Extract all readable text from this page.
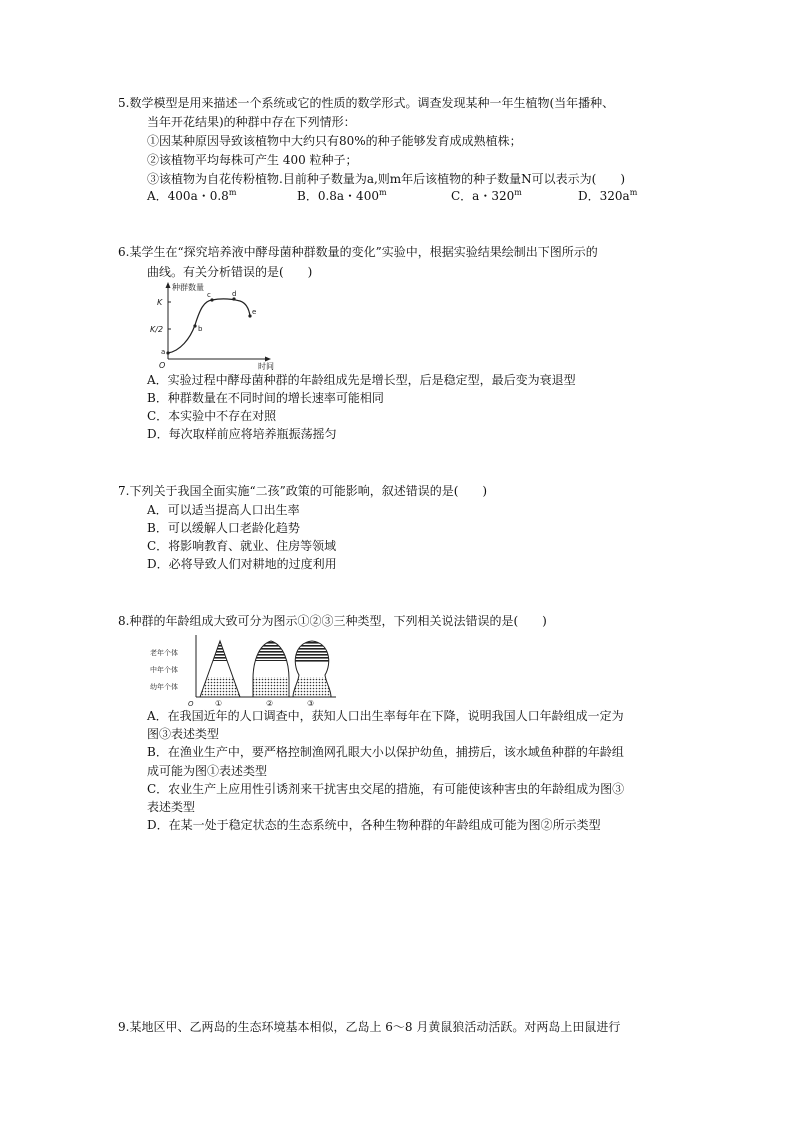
5.数学模型是用来描述一个系统或它的性质的数学形式。调查发现某种一年生植物(当年播种、
当年开花结果)的种群中存在下列情形：
①因某种原因导致该植物中大约只有80%的种子能够发育成成熟植株；
②该植物平均每株可产生 400 粒种子；
③该植物为自花传粉植物.目前种子数量为a,则m年后该植物的种子数量N可以表示为(　　)
A．400a・0.8$^m$	B．0.8a・400$^m$	C．a・320$^m$	D．$320a^m$
6.某学生在“探究培养液中酵母菌种群数量的变化”实验中，根据实验结果绘制出下图所示的
曲线。有关分析错误的是(　　)
种群数量
时间
O
K
K/2
a
b
c	d
e
A．实验过程中酵母菌种群的年龄组成先是增长型，后是稳定型，最后变为衰退型
B．种群数量在不同时间的增长速率可能相同
C．本实验中不存在对照
D．每次取样前应将培养瓶振荡摇匀
7.下列关于我国全面实施“二孩”政策的可能影响，叙述错误的是(　　)
A．可以适当提高人口出生率
B．可以缓解人口老龄化趋势
C．将影响教育、就业、住房等领域
D．必将导致人们对耕地的过度利用
8.种群的年龄组成大致可分为图示①②③三种类型，下列相关说法错误的是(　　)
老年个体
中年个体
幼年个体
O	①	②	③
A．在我国近年的人口调查中，获知人口出生率每年在下降，说明我国人口年龄组成一定为
图③表述类型
B．在渔业生产中，要严格控制渔网孔眼大小以保护幼鱼，捕捞后，该水域鱼种群的年龄组
成可能为图①表述类型
C．农业生产上应用性引诱剂来干扰害虫交尾的措施，有可能使该种害虫的年龄组成为图③
表述类型
D．在某一处于稳定状态的生态系统中，各种生物种群的年龄组成可能为图②所示类型
9.某地区甲、乙两岛的生态环境基本相似，乙岛上 6～8 月黄鼠狼活动活跃。对两岛上田鼠进行
